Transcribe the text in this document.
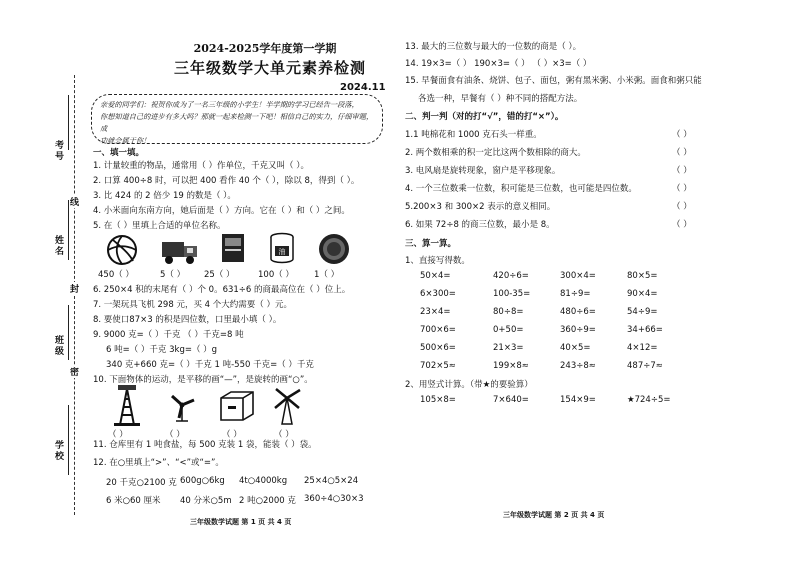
考号
姓名
班级
学校
线
封
密
2024-2025学年度第一学期
三年级数学大单元素养检测
2024.11
亲爱的同学们：祝贺你成为了一名三年级的小学生！半学期的学习已经告一段落，
你想知道自己的进步有多大吗？那就一起来检测一下吧！相信自己的实力，仔细审题，成
功就会属于你！
一、填一填。
1. 计量较重的物品，通常用（ ）作单位，千克又叫（ ）。
2. 口算 400÷8 时，可以把 400 看作 40 个（ ），除以 8，得到（ ）。
3. 比 424 的 2 倍少 19 的数是（ ）。
4. 小米面向东南方向，她后面是（ ）方向。它在（ ）和（ ）之间。
5. 在（ ）里填上合适的单位名称。
油
450（ ）	5（ ） 25（ ）	100（ ） 1（ ）
6. 250×4 积的末尾有（ ）个 0。631÷6 的商最高位在（ ）位上。
7. 一架玩具飞机 298 元，买 4 个大约需要（ ）元。
8. 要使口87×3 的积是四位数，口里最小填（ ）。
9. 9000 克=（ ）千克 （ ）千克=8 吨
6 吨=（ ）千克 3kg=（ ）g
340 克+660 克=（ ）千克 1 吨-550 千克=（ ）千克
10. 下面物体的运动，是平移的画“—”，是旋转的画“○”。
（ ）	（ ）	（ ）	（ ）
11. 仓库里有 1 吨食盐，每 500 克装 1 袋，能装（ ）袋。
12. 在○里填上“>”、“<”或“=”。
20 千克○2100 克 600g○6kg 4t○4000kg 25×4○5×24
6 米○60 厘米 40 分米○5m 2 吨○2000 克 360÷4○30×3
三年级数学试题 第 1 页 共 4 页
13. 最大的三位数与最大的一位数的商是（ ）。
14. 19×3=（ ） 190×3=（ ） （ ）×3=（ ）
15. 早餐面食有油条、烧饼、包子、面包，粥有黑米粥、小米粥。面食和粥只能
各选一种，早餐有（ ）种不同的搭配方法。
二、判一判（对的打“√”，错的打“×”）。
1.1 吨棉花和 1000 克石头一样重。	（ ）
2. 两个数相乘的积一定比这两个数相除的商大。	（ ）
3. 电风扇是旋转现象，窗户是平移现象。	（ ）
4. 一个三位数乘一位数，积可能是三位数，也可能是四位数。	（ ）
5.200×3 和 300×2 表示的意义相同。	（ ）
6. 如果 72÷8 的商三位数，最小是 8。	（ ）
三、算一算。
1、直接写得数。
50×4=	420÷6=	300×4=	80×5=
6×300=	100-35=	81÷9=	90×4=
23×4=	80÷8=	480÷6=	54÷9=
700×6=	0+50=	360÷9=	34+66=
500×6=	21×3=	40×5=	4×12=
702×5≈	199×8≈	243÷8≈	487÷7≈
2、用竖式计算。（带★的要验算）
105×8=	7×640=	154×9=	★724÷5=
三年级数学试题 第 2 页 共 4 页
